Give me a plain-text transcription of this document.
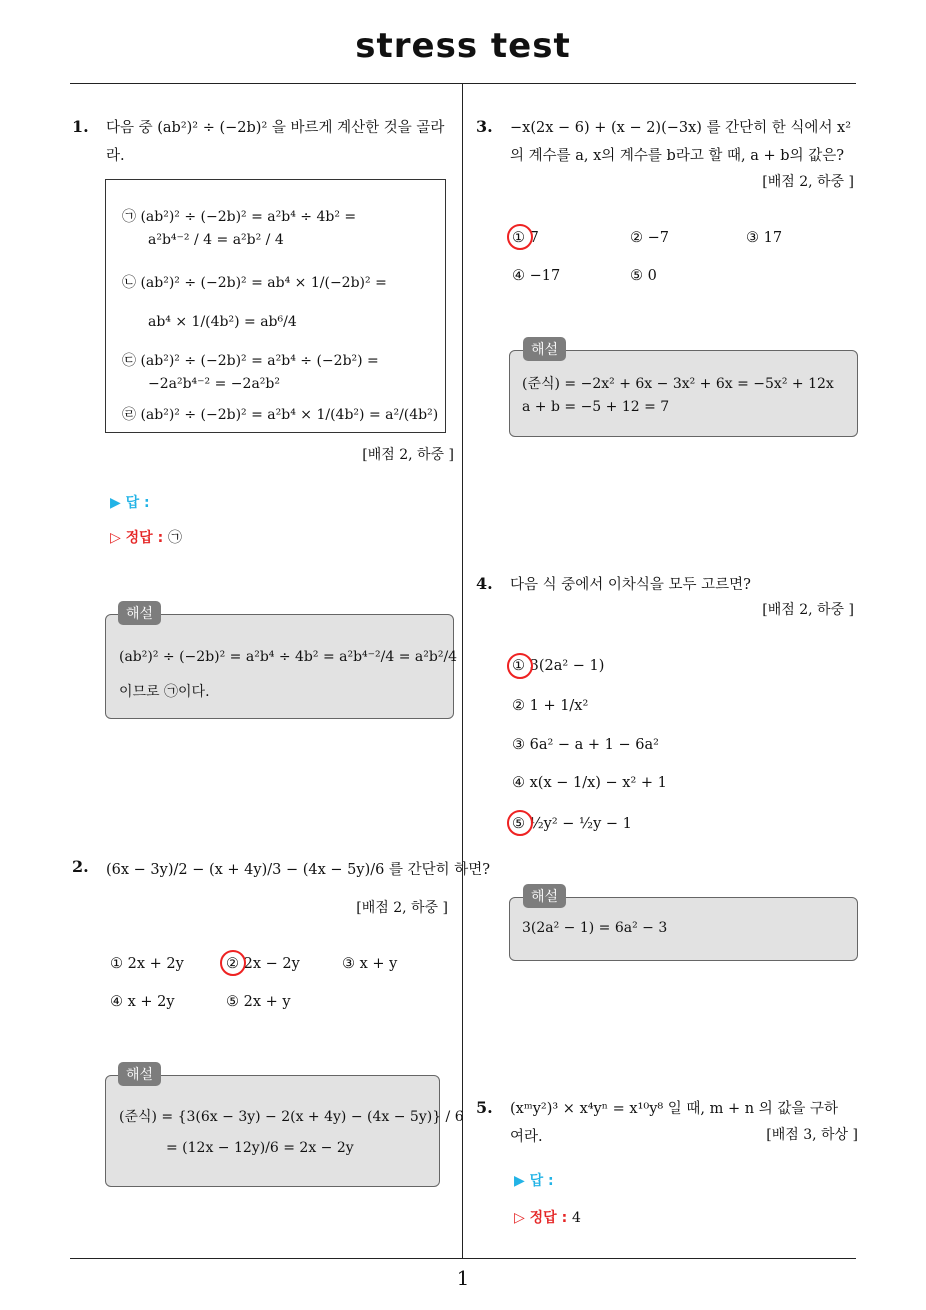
stress test
1
1. 다음 중 (ab²)² ÷ (−2b)² 을 바르게 계산한 것을 골라
라.
㉠ (ab²)² ÷ (−2b)² = a²b⁴ ÷ 4b² =
a²b⁴⁻² / 4 = a²b² / 4
㉡ (ab²)² ÷ (−2b)² = ab⁴ × 1/(−2b)² =
ab⁴ × 1/(4b²) = ab⁶/4
㉢ (ab²)² ÷ (−2b)² = a²b⁴ ÷ (−2b²) =
−2a²b⁴⁻² = −2a²b²
㉣ (ab²)² ÷ (−2b)² = a²b⁴ × 1/(4b²) = a²/(4b²)
[배점 2, 하중 ]
▶ 답 :
▷ 정답 : ㉠
(ab²)² ÷ (−2b)² = a²b⁴ ÷ 4b² = a²b⁴⁻²/4 = a²b²/4
이므로 ㉠이다.
해설
2. (6x − 3y)/2 − (x + 4y)/3 − (4x − 5y)/6 를 간단히 하면?
[배점 2, 하중 ]
① 2x + 2y	② 2x − 2y	③ x + y
④ x + 2y	⑤ 2x + y
(준식) = {3(6x − 3y) − 2(x + 4y) − (4x − 5y)} / 6
= (12x − 12y)/6 = 2x − 2y
해설
3. −x(2x − 6) + (x − 2)(−3x) 를 간단히 한 식에서 x²
의 계수를 a, x의 계수를 b라고 할 때, a + b의 값은?
[배점 2, 하중 ]
① 7	② −7	③ 17
④ −17	⑤ 0
(준식) = −2x² + 6x − 3x² + 6x = −5x² + 12x
a + b = −5 + 12 = 7
해설
4. 다음 식 중에서 이차식을 모두 고르면?
[배점 2, 하중 ]
① 3(2a² − 1)
② 1 + 1/x²
③ 6a² − a + 1 − 6a²
④ x(x − 1/x) − x² + 1
⑤ ½y² − ½y − 1
3(2a² − 1) = 6a² − 3
해설
5. (xᵐy²)³ × x⁴yⁿ = x¹⁰y⁸ 일 때, m + n 의 값을 구하
여라.	[배점 3, 하상 ]
▶ 답 :
▷ 정답 : 4
